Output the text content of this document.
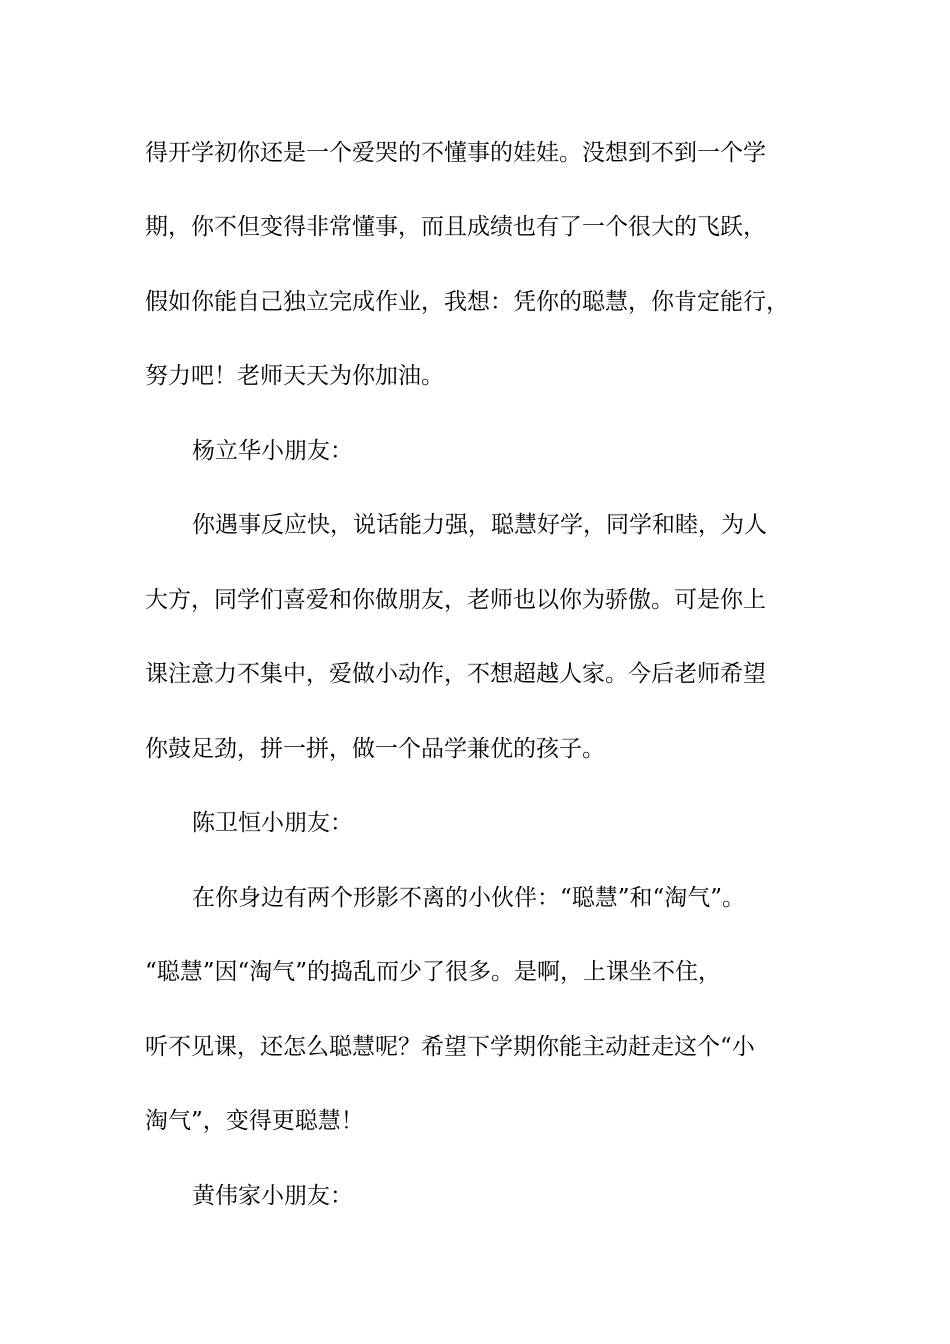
得开学初你还是一个爱哭的不懂事的娃娃。没想到不到一个学
期，你不但变得非常懂事，而且成绩也有了一个很大的飞跃，
假如你能自己独立完成作业，我想：凭你的聪慧，你肯定能行，
努力吧！老师天天为你加油。
杨立华小朋友：
你遇事反应快，说话能力强，聪慧好学，同学和睦，为人
大方，同学们喜爱和你做朋友，老师也以你为骄傲。可是你上
课注意力不集中，爱做小动作，不想超越人家。今后老师希望
你鼓足劲，拼一拼，做一个品学兼优的孩子。
陈卫恒小朋友：
在你身边有两个形影不离的小伙伴：“聪慧”和“淘气”。
“聪慧”因“淘气”的捣乱而少了很多。是啊，上课坐不住，
听不见课，还怎么聪慧呢？希望下学期你能主动赶走这个“小
淘气”，变得更聪慧！
黄伟家小朋友：
